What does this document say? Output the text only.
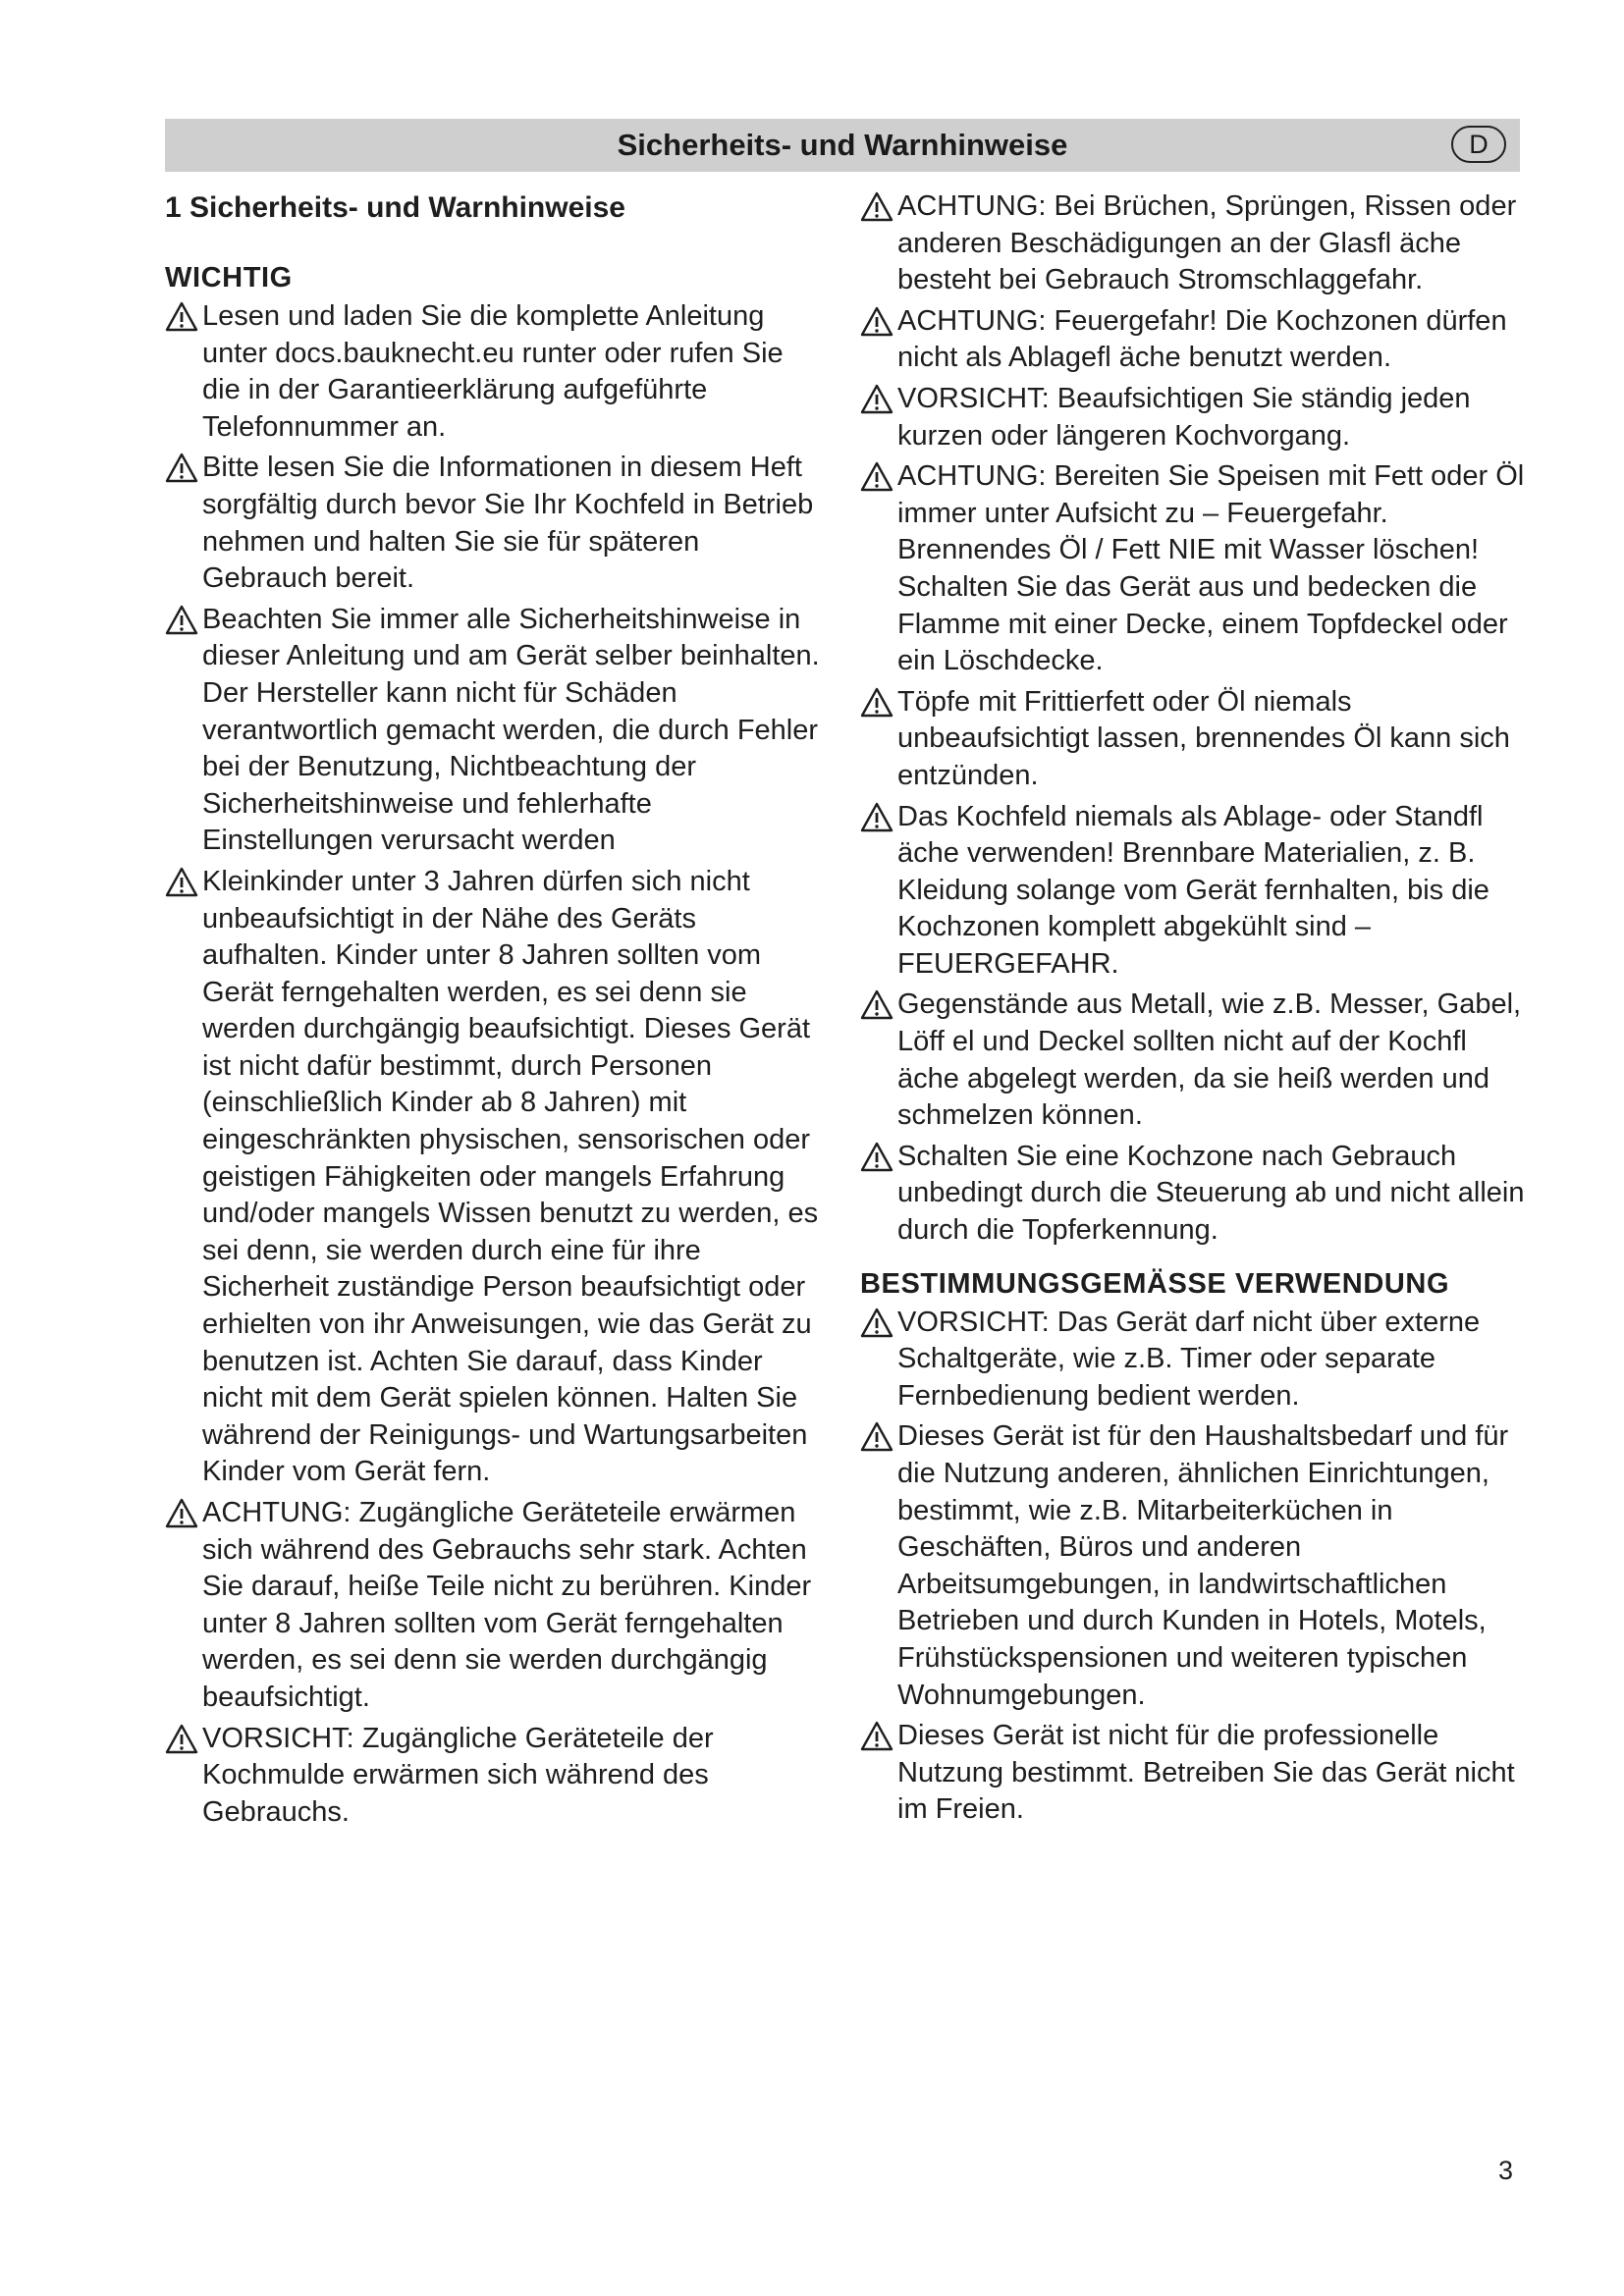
Sicherheits- und Warnhinweise	D
1 Sicherheits- und Warnhinweise
WICHTIG
Lesen und laden Sie die komplette Anleitung unter docs.bauknecht.eu runter oder rufen Sie die in der Garantieerklärung aufgeführte Telefonnummer an.
Bitte lesen Sie die Informationen in diesem Heft sorgfältig durch bevor Sie Ihr Kochfeld in Betrieb nehmen und halten Sie sie für späteren Gebrauch bereit.
Beachten Sie immer alle Sicherheitshinweise in dieser Anleitung und am Gerät selber beinhalten. Der Hersteller kann nicht für Schäden verantwortlich gemacht werden, die durch Fehler bei der Benutzung, Nichtbeachtung der Sicherheitshinweise und fehlerhafte Einstellungen verursacht werden
Kleinkinder unter 3 Jahren dürfen sich nicht unbeaufsichtigt in der Nähe des Geräts aufhalten. Kinder unter 8 Jahren sollten vom Gerät ferngehalten werden, es sei denn sie werden durchgängig beaufsichtigt. Dieses Gerät ist nicht dafür bestimmt, durch Personen (einschließlich Kinder ab 8 Jahren) mit eingeschränkten physischen, sensorischen oder geistigen Fähigkeiten oder mangels Erfahrung und/oder mangels Wissen benutzt zu werden, es sei denn, sie werden durch eine für ihre Sicherheit zuständige Person beaufsichtigt oder erhielten von ihr Anweisungen, wie das Gerät zu benutzen ist. Achten Sie darauf, dass Kinder nicht mit dem Gerät spielen können. Halten Sie während der Reinigungs- und Wartungsarbeiten Kinder vom Gerät fern.
ACHTUNG: Zugängliche Geräteteile erwärmen sich während des Gebrauchs sehr stark. Achten Sie darauf, heiße Teile nicht zu berühren. Kinder unter 8 Jahren sollten vom Gerät ferngehalten werden, es sei denn sie werden durchgängig beaufsichtigt.
VORSICHT: Zugängliche Geräteteile der Kochmulde erwärmen sich während des Gebrauchs.
ACHTUNG: Bei Brüchen, Sprüngen, Rissen oder anderen Beschädigungen an der Glasfl äche besteht bei Gebrauch Stromschlaggefahr.
ACHTUNG: Feuergefahr! Die Kochzonen dürfen nicht als Ablagefl äche benutzt werden.
VORSICHT: Beaufsichtigen Sie ständig jeden kurzen oder längeren Kochvorgang.
ACHTUNG: Bereiten Sie Speisen mit Fett oder Öl immer unter Aufsicht zu – Feuergefahr. Brennendes Öl / Fett NIE mit Wasser löschen! Schalten Sie das Gerät aus und bedecken die Flamme mit einer Decke, einem Topfdeckel oder ein Löschdecke.
Töpfe mit Frittierfett oder Öl niemals unbeaufsichtigt lassen, brennendes Öl kann sich entzünden.
Das Kochfeld niemals als Ablage- oder Standfl äche verwenden! Brennbare Materialien, z. B. Kleidung solange vom Gerät fernhalten, bis die Kochzonen komplett abgekühlt sind – FEUERGEFAHR.
Gegenstände aus Metall, wie z.B. Messer, Gabel, Löff el und Deckel sollten nicht auf der Kochfl äche abgelegt werden, da sie heiß werden und schmelzen können.
Schalten Sie eine Kochzone nach Gebrauch unbedingt durch die Steuerung ab und nicht allein durch die Topferkennung.
BESTIMMUNGSGEMÄSSE VERWENDUNG
VORSICHT: Das Gerät darf nicht über externe Schaltgeräte, wie z.B. Timer oder separate Fernbedienung bedient werden.
Dieses Gerät ist für den Haushaltsbedarf und für die Nutzung anderen, ähnlichen Einrichtungen, bestimmt, wie z.B. Mitarbeiterküchen in Geschäften, Büros und anderen Arbeitsumgebungen, in landwirtschaftlichen Betrieben und durch Kunden in Hotels, Motels, Frühstückspensionen und weiteren typischen Wohnumgebungen.
Dieses Gerät ist nicht für die professionelle Nutzung bestimmt. Betreiben Sie das Gerät nicht im Freien.
3
